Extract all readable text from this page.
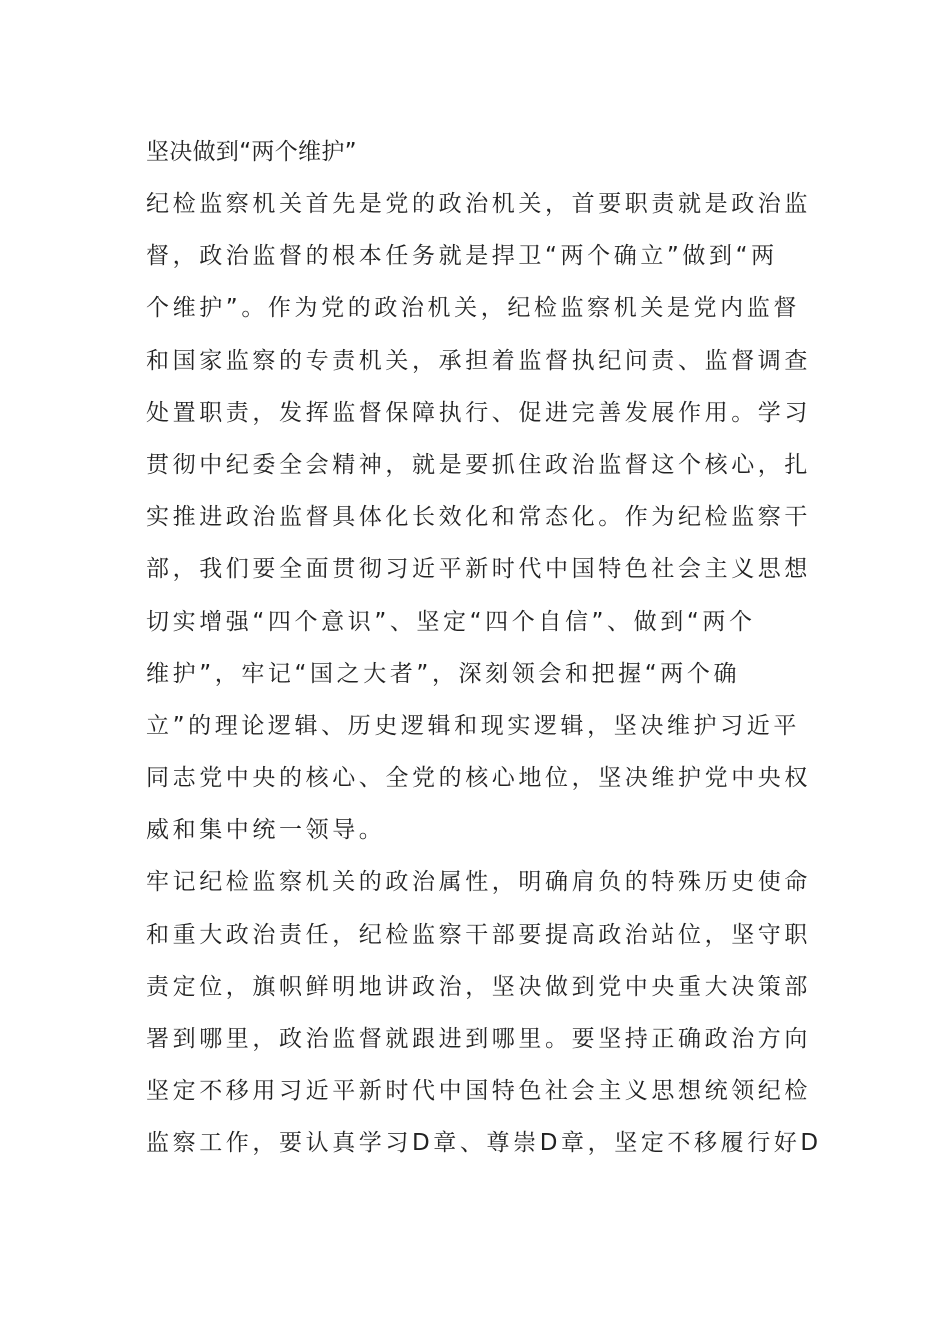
坚决做到“两个维护”
纪检监察机关首先是党的政治机关，首要职责就是政治监
督，政治监督的根本任务就是捍卫“两个确立”做到“两
个维护”。作为党的政治机关，纪检监察机关是党内监督
和国家监察的专责机关，承担着监督执纪问责、监督调查
处置职责，发挥监督保障执行、促进完善发展作用。学习
贯彻中纪委全会精神，就是要抓住政治监督这个核心，扎
实推进政治监督具体化长效化和常态化。作为纪检监察干
部，我们要全面贯彻习近平新时代中国特色社会主义思想
切实增强“四个意识”、坚定“四个自信”、做到“两个
维护”，牢记“国之大者”，深刻领会和把握“两个确
立”的理论逻辑、历史逻辑和现实逻辑，坚决维护习近平
同志党中央的核心、全党的核心地位，坚决维护党中央权
威和集中统一领导。
牢记纪检监察机关的政治属性，明确肩负的特殊历史使命
和重大政治责任，纪检监察干部要提高政治站位，坚守职
责定位，旗帜鲜明地讲政治，坚决做到党中央重大决策部
署到哪里，政治监督就跟进到哪里。要坚持正确政治方向
坚定不移用习近平新时代中国特色社会主义思想统领纪检
监察工作，要认真学习D章、尊崇D章，坚定不移履行好D
